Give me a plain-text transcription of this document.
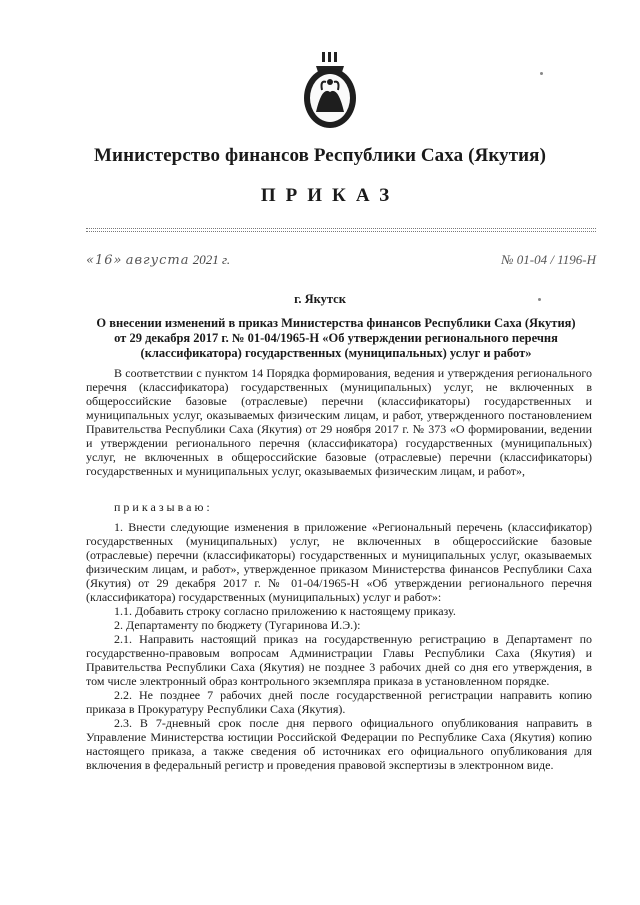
Министерство финансов Республики Саха (Якутия)
ПРИКАЗ
«16» августа 2021 г.	№ 01-04 / 1196-Н
г. Якутск
О внесении изменений в приказ Министерства финансов Республики Саха (Якутия) от 29 декабря 2017 г. № 01-04/1965-Н «Об утверждении регионального перечня (классификатора) государственных (муниципальных) услуг и работ»

В соответствии с пунктом 14 Порядка формирования, ведения и утверждения регионального перечня (классификатора) государственных (муниципальных) услуг, не включенных в общероссийские базовые (отраслевые) перечни (классификаторы) государственных и муниципальных услуг, оказываемых физическим лицам, и работ, утвержденного постановлением Правительства Республики Саха (Якутия) от 29 ноября 2017 г. № 373 «О формировании, ведении и утверждении регионального перечня (классификатора) государственных (муниципальных) услуг, не включенных в общероссийские базовые (отраслевые) перечни (классификаторы) государственных и муниципальных услуг, оказываемых физическим лицам, и работ»,

приказываю:

1. Внести следующие изменения в приложение «Региональный перечень (классификатор) государственных (муниципальных) услуг, не включенных в общероссийские базовые (отраслевые) перечни (классификаторы) государственных и муниципальных услуг, оказываемых физическим лицам, и работ», утвержденное приказом Министерства финансов Республики Саха (Якутия) от 29 декабря 2017 г. № 01-04/1965-Н «Об утверждении регионального перечня (классификатора) государственных (муниципальных) услуг и работ»:

1.1. Добавить строку согласно приложению к настоящему приказу.

2. Департаменту по бюджету (Тугаринова И.Э.):

2.1. Направить настоящий приказ на государственную регистрацию в Департамент по государственно-правовым вопросам Администрации Главы Республики Саха (Якутия) и Правительства Республики Саха (Якутия) не позднее 3 рабочих дней со дня его утверждения, в том числе электронный образ контрольного экземпляра приказа в установленном порядке.

2.2. Не позднее 7 рабочих дней после государственной регистрации направить копию приказа в Прокуратуру Республики Саха (Якутия).

2.3. В 7-дневный срок после дня первого официального опубликования направить в Управление Министерства юстиции Российской Федерации по Республике Саха (Якутия) копию настоящего приказа, а также сведения об источниках его официального опубликования для включения в федеральный регистр и проведения правовой экспертизы в электронном виде.
